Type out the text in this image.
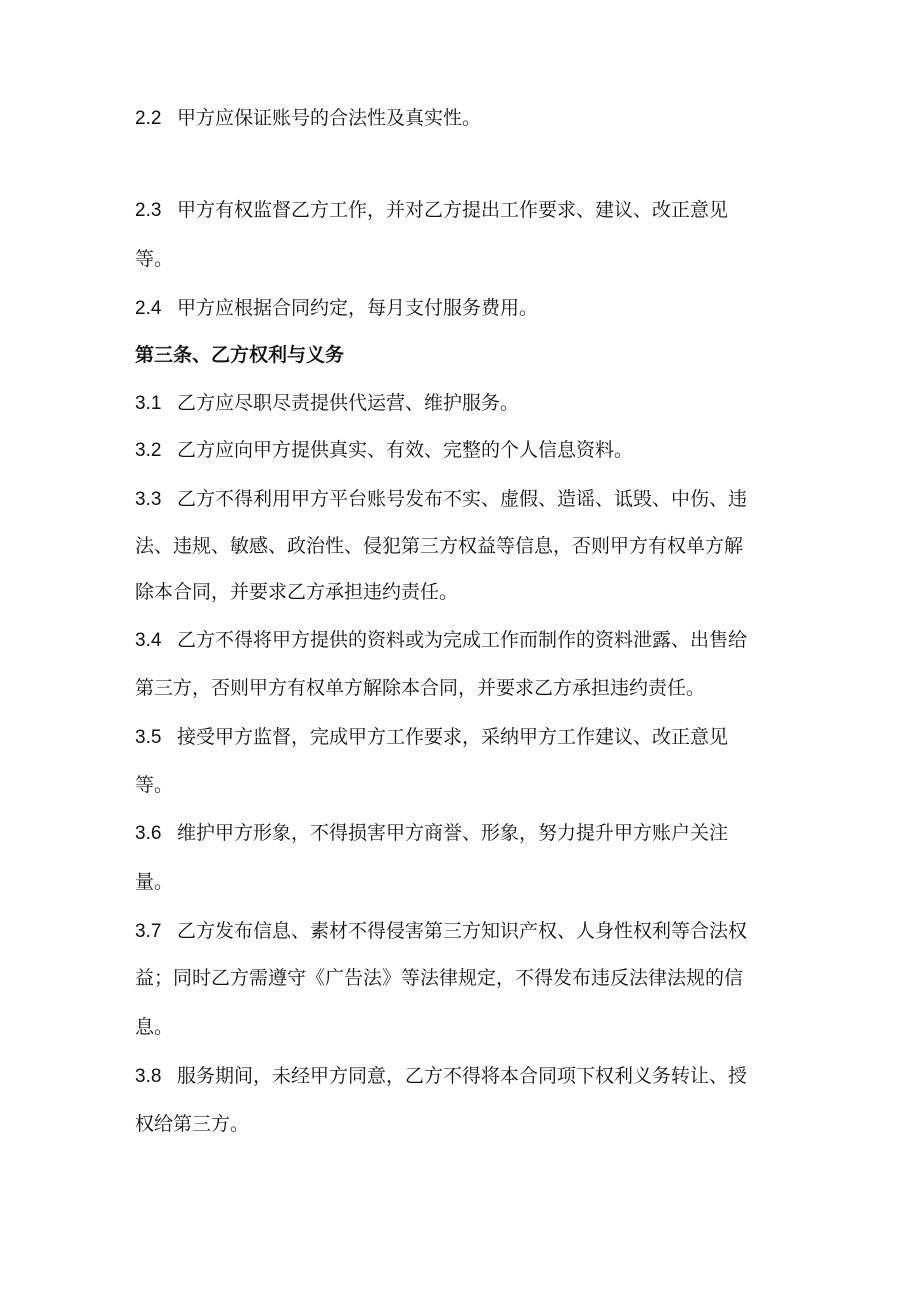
2.2 甲方应保证账号的合法性及真实性。
2.3 甲方有权监督乙方工作，并对乙方提出工作要求、建议、改正意见
等。
2.4 甲方应根据合同约定，每月支付服务费用。
第三条、乙方权利与义务
3.1 乙方应尽职尽责提供代运营、维护服务。
3.2 乙方应向甲方提供真实、有效、完整的个人信息资料。
3.3 乙方不得利用甲方平台账号发布不实、虚假、造谣、诋毁、中伤、违
法、违规、敏感、政治性、侵犯第三方权益等信息，否则甲方有权单方解
除本合同，并要求乙方承担违约责任。
3.4 乙方不得将甲方提供的资料或为完成工作而制作的资料泄露、出售给
第三方，否则甲方有权单方解除本合同，并要求乙方承担违约责任。
3.5 接受甲方监督，完成甲方工作要求，采纳甲方工作建议、改正意见
等。
3.6 维护甲方形象，不得损害甲方商誉、形象，努力提升甲方账户关注
量。
3.7 乙方发布信息、素材不得侵害第三方知识产权、人身性权利等合法权
益；同时乙方需遵守《广告法》等法律规定，不得发布违反法律法规的信
息。
3.8 服务期间，未经甲方同意，乙方不得将本合同项下权利义务转让、授
权给第三方。
